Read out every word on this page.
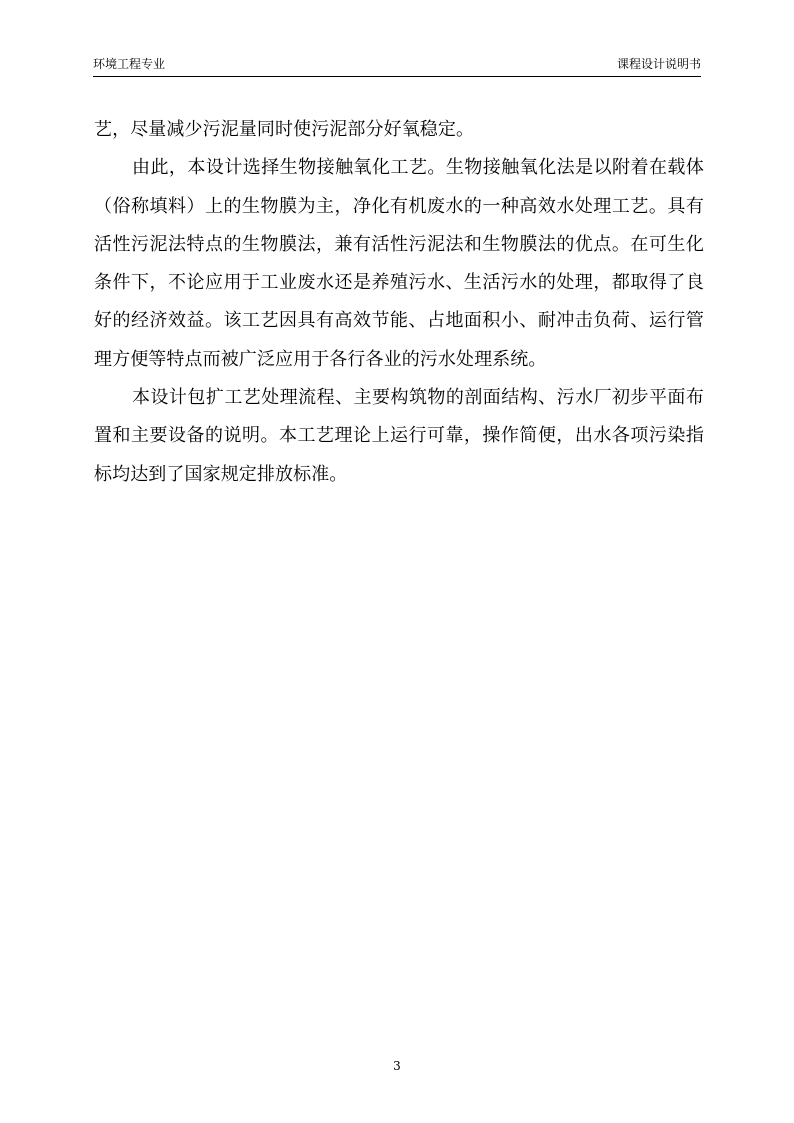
环境工程专业	课程设计说明书

艺，尽量减少污泥量同时使污泥部分好氧稳定。

由此，本设计选择生物接触氧化工艺。生物接触氧化法是以附着在载体（俗称填料）上的生物膜为主，净化有机废水的一种高效水处理工艺。具有活性污泥法特点的生物膜法，兼有活性污泥法和生物膜法的优点。在可生化条件下，不论应用于工业废水还是养殖污水、生活污水的处理，都取得了良好的经济效益。该工艺因具有高效节能、占地面积小、耐冲击负荷、运行管理方便等特点而被广泛应用于各行各业的污水处理系统。

本设计包扩工艺处理流程、主要构筑物的剖面结构、污水厂初步平面布置和主要设备的说明。本工艺理论上运行可靠，操作简便，出水各项污染指标均达到了国家规定排放标准。

3
